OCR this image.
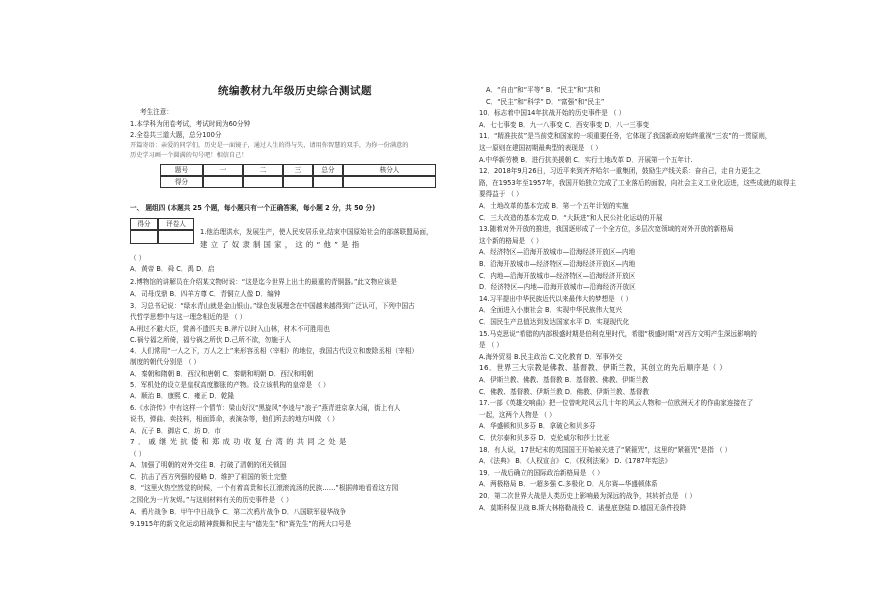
统编教材九年级历史综合测试题
考生注意：
1.本学科为闭卷考试，考试时间为60分钟
2.全卷共三道大题，总分100分
开篇寄语：亲爱的同学们，历史是一面镜子，通过人生的得与失，请用你智慧的双手，为你一份满意的
历史学习画一个圆满的句号吧！相信自己！
题号	一	二	三	总分	核分人
得分
一、 题组四 (本题共 25 个题，每小题只有一个正确答案，每小题 2 分，共 50 分)
得分	评卷人
1.他治理洪水，发展生产，使人民安居乐业,结束中国原始社会的部落联盟局面，
建立了奴隶制国家，这的“他”是指
（ ）
A．黄帝 B．舜 C．禹 D．启
2.博物馆的讲解员在介绍某文物时说：“这是迄今世界上出土的最重的青铜器。”此文物应该是
A．司母戊鼎 B．四羊方尊 C．青铜立人像 D．编钟
3．习总书记说：“绿水青山就是金山银山。”绿色发展理念在中国越来越得到广泛认可，下列中国古
代哲学思想中与这一理念相近的是 （ ）
A.刑过不避大臣，赏善不遗匹夫 B.斧斤以时入山林，材木不可胜用也
C.祸兮福之所倚，福兮祸之所伏 D.己所不欲，勿施于人
4．人们常用“一人之下，万人之上”来形容丞相（宰相）的地位，我国古代设立和废除丞相（宰相）
制度的朝代分别是 （ ）
A．秦朝和隋朝 B．西汉和唐朝 C．秦朝和明朝 D．西汉和明朝
5．军机处的设立是皇权高度膨胀的产物。设立该机构的皇帝是 （ ）
A．顺治 B．康熙 C．雍正 D．乾隆
6.《水浒传》中有这样一个情节：梁山好汉“黑旋风”李逵与“浪子”燕青进京拿大闹，街上有人
说书，弹曲、卖技料，相面算命，表演杂等，他们所去的地方叫做 （ ）
A．瓦子 B．御店 C．坊 D．市
7．戚继光抗倭和郑成功收复台湾的共同之处是
（ ）
A．加强了明朝的对外交往 B．打破了清朝的闭关锁国
C．抗击了西方列强的侵略 D．维护了祖国的领土完整
8．“这里火热空然觉的时候，一个有着高贵和长江滚滚流汤的民族……”根据帅地看看这方园
之园化为一片灰烬。”与这则材料有关的历史事件是 （ ）
A．鸦片战争 B．甲午中日战争 C．第二次鸦片战争 D．八国联军侵华战争
9.1915年的新文化运动精神鼓舞和民主与“德先生”和“赛先生”的两大口号是
A．“自由”和“平等” B．“民主”和“共和
C．“民主”和“科学” D．“富强”和“民主”
10．标志着中国14年抗战开始的历史事件是 （ ）
A．七七事变 B．九一八事变 C．西安事变 D．八一三事变
11．“精准扶贫”是当前党和国家的一项重要任务，它体现了我国新政府始终重视“三农”的一贯原则，
这一原则在建国初期最典型的表现是 （ ）
A.中华新劳模 B．进行抗美援朝 C．实行土地改革 D．开展第一个五年计.
12．2018年9月26日，习近平来到齐齐哈尔一重集团，鼓励生产线关系：奋自己，走自力更生之
路，在1953年至1957年，我国开始独立完成了工业落后的面貌，向社会主义工业化迈进，这些成就的取得主
要得益于 （ ）
A．土地改革的基本完成 B．第一个五年计划的实施
C．三大改造的基本完成 D．“大跃进”和人民公社化运动的开展
13.随着对外开放的推进，我国逐形成了一个全方位，多层次宽领域的对外开放的新格局
这个新的格局是 （ ）
A．经济特区—沿海开放城市—沿海经济开放区—内地
B．沿海开放城市—经济特区—沿海经济开放区—内地
C．内地—沿海开放城市—经济特区—沿海经济开放区
D．经济特区—内地—沿海开放城市—沿海经济开放区
14.习平提出中华民族近代以来最伟大的梦想是 （ ）
A．全面进入小康社会 B．实现中华民族伟大复兴
C．国民生产总值达到发达国家水平 D．实现现代化
15.马克思说“希腊的内部极盛时期是伯利克里时代，希腊“极盛时期”对西方文明产生深远影响的
是 （ ）
A.海外贸易 B.民主政治 C.文化教育 D．军事外交
16．世界三大宗教是佛教、基督教、伊斯兰教，其创立的先后顺序是（ ）
A．伊斯兰教、佛教、基督教 B．基督教、佛教、伊斯兰教
C．佛教、基督教、伊斯兰教 D．佛教、伊斯兰教、基督教
17.一部《英雄交响曲》把一位曾叱咤风云几十年的风云人物和一位欧洲天才的作曲家连接在了
一起，这两个人物是 （ ）
A．华盛顿和贝多芬 B．拿破仑和贝多芬
C．伏尔泰和贝多芬 D．克伦威尔和莎士比亚
18．有人说，17世纪末的英国国王开始被关进了“紧箍咒”，这里的“紧箍咒”是指 （ ）
A．《法典》 B．《人权宣言》 C．《权利法案》 D.《1787年宪法》
19．一战后确立的国际政治新格局是 （ ）
A．两极格局 B．一超多强 C.多极化 D．凡尔赛—华盛顿体系
20．第二次世界大战是人类历史上影响最为深远的战争，其转折点是 （ ）
A．莫斯科保卫战 B.斯大林格勒战役 C．诺曼底登陆 D.德国无条件投降
